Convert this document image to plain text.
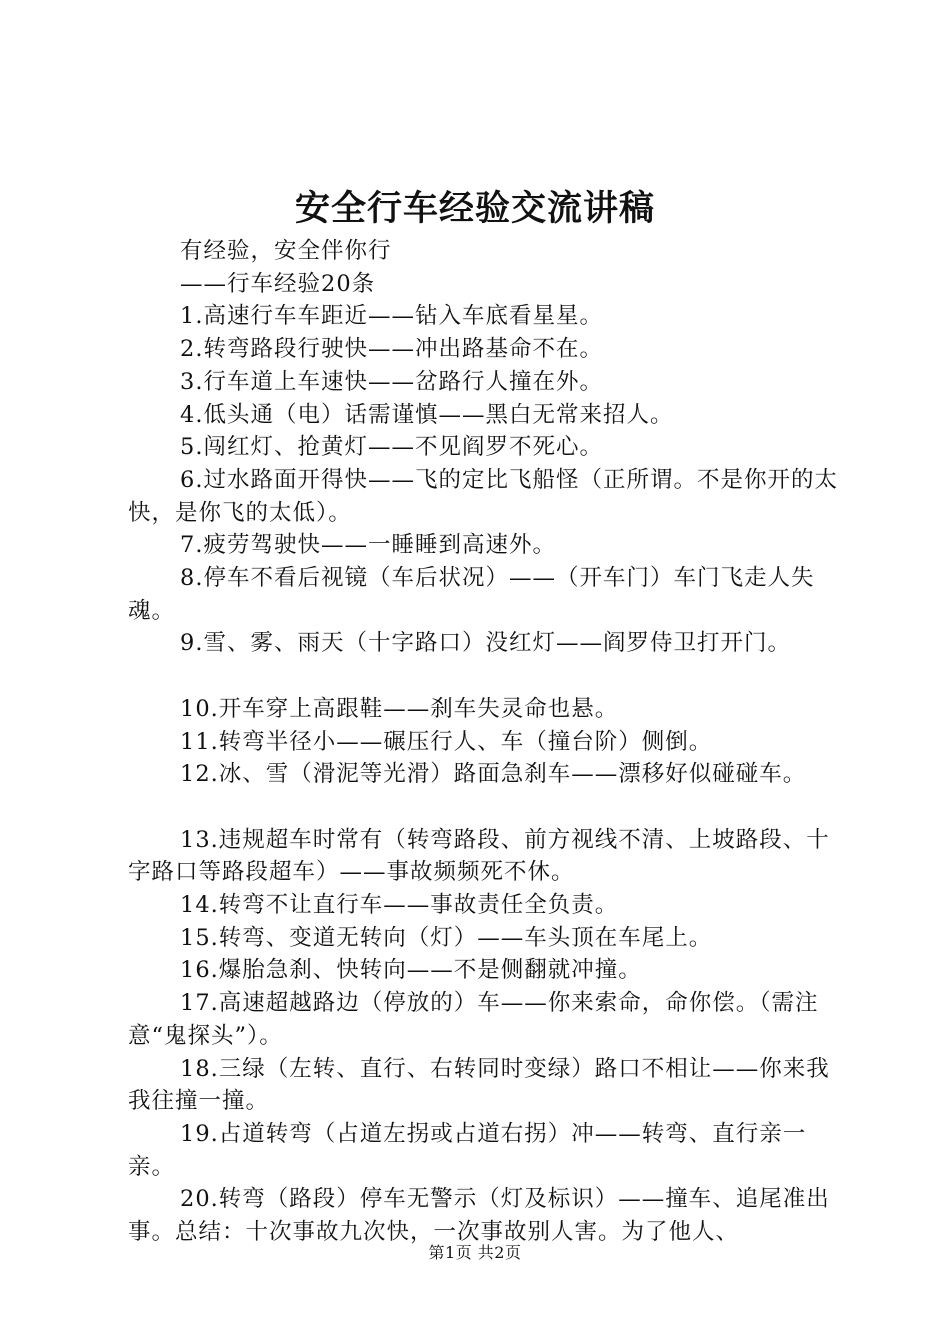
安全行车经验交流讲稿

有经验，安全伴你行

——行车经验20条

1.高速行车车距近——钻入车底看星星。

2.转弯路段行驶快——冲出路基命不在。

3.行车道上车速快——岔路行人撞在外。

4.低头通（电）话需谨慎——黑白无常来招人。

5.闯红灯、抢黄灯——不见阎罗不死心。

6.过水路面开得快——飞的定比飞船怪（正所谓。不是你开的太快，是你飞的太低）。

7.疲劳驾驶快——一睡睡到高速外。

8.停车不看后视镜（车后状况）——（开车门）车门飞走人失魂。

9.雪、雾、雨天（十字路口）没红灯——阎罗侍卫打开门。

10.开车穿上高跟鞋——刹车失灵命也悬。

11.转弯半径小——碾压行人、车（撞台阶）侧倒。

12.冰、雪（滑泥等光滑）路面急刹车——漂移好似碰碰车。

13.违规超车时常有（转弯路段、前方视线不清、上坡路段、十字路口等路段超车）——事故频频死不休。

14.转弯不让直行车——事故责任全负责。

15.转弯、变道无转向（灯）——车头顶在车尾上。

16.爆胎急刹、快转向——不是侧翻就冲撞。

17.高速超越路边（停放的）车——你来索命，命你偿。（需注意“鬼探头”）。

18.三绿（左转、直行、右转同时变绿）路口不相让——你来我我往撞一撞。

19.占道转弯（占道左拐或占道右拐）冲——转弯、直行亲一亲。

20.转弯（路段）停车无警示（灯及标识）——撞车、追尾准出事。总结：十次事故九次快，一次事故别人害。为了他人、

第1页 共2页
